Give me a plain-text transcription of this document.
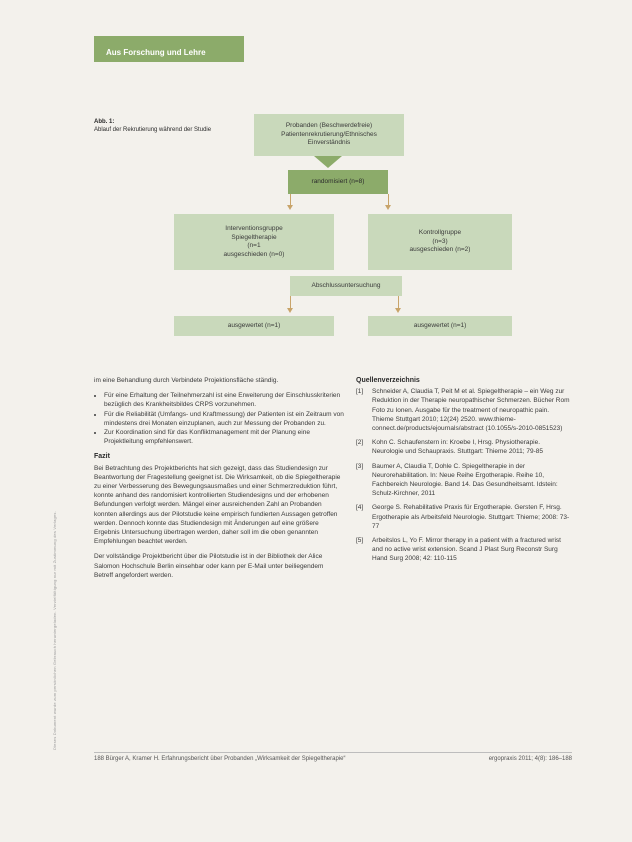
Aus Forschung und Lehre
Dieses Dokument wurde zum persönlichen Gebrauch heruntergeladen. Vervielfältigung nur mit Zustimmung des Verlages.
Abb. 1:
Ablauf der Rekrutierung während der Studie
Probanden (Beschwerdefreie)
Patientenrekrutierung/Ethnisches
Einverständnis
randomisiert (n=8)
Interventionsgruppe
Spiegeltherapie
(n=1
ausgeschieden (n=0)
Kontrollgruppe
(n=3)
ausgeschieden (n=2)
Abschlussuntersuchung
ausgewertet (n=1)	ausgewertet (n=1)

im eine Behandlung durch Verbindete Projektionsfläche ständig.

• Für eine Erhaltung der Teilnehmerzahl ist eine Erweiterung der Einschlusskriterien bezüglich des Krankheitsbildes CRPS vorzunehmen.
• Für die Reliabilität (Umfangs- und Kraftmessung) der Patienten ist ein Zeitraum von mindestens drei Monaten einzuplanen, auch zur Messung der Probanden zu.
• Zur Koordination sind für das Konfliktmanagement mit der Planung eine Projektleitung empfehlenswert.
Fazit

Bei Betrachtung des Projektberichts hat sich gezeigt, dass das Studiendesign zur Beantwortung der Fragestellung geeignet ist. Die Wirksamkeit, ob die Spiegeltherapie zu einer Verbesserung des Bewegungsausmaßes und einer Schmerzreduktion führt, konnte anhand des randomisiert kontrollierten Studiendesigns und der erhobenen Befundungen verfolgt werden. Mängel einer ausreichenden Zahl an Probanden konnten allerdings aus der Pilotstudie keine empirisch fundierten Aussagen getroffen werden. Dennoch konnte das Studiendesign mit Änderungen auf eine größere Ergebnis Untersuchung übertragen werden, daher soll im die oben genannten Empfehlungen beachtet werden.

Der vollständige Projektbericht über die Pilotstudie ist in der Bibliothek der Alice Salomon Hochschule Berlin einsehbar oder kann per E-Mail unter beiliegendem Betreff angefordert werden.

Quellenverzeichnis
[1]	Schneider A, Claudia T, Peit M et al. Spiegeltherapie – ein Weg zur Reduktion in der Therapie neuropathischer Schmerzen. Bücher Rom Foto zu Ionen. Ausgabe für the treatment of neuropathic pain. Thieme Stuttgart 2010; 12(24) 2520. www.thieme-connect.de/products/ejournals/abstract (10.1055/s-2010-0851523)
[2]	Kohn C. Schaufenstern in: Kroebe I, Hrsg. Physiotherapie. Neurologie und Schaupraxis. Stuttgart: Thieme 2011; 79-85
[3]	Baumer A, Claudia T, Dohle C. Spiegeltherapie in der Neurorehabilitation. In: Neue Reihe Ergotherapie. Reihe 10, Fachbereich Neurologie. Band 14. Das Gesundheitsamt. Idstein: Schulz-Kirchner, 2011
[4]	George S. Rehabilitative Praxis für Ergotherapie. Gersten F, Hrsg. Ergotherapie als Arbeitsfeld Neurologie. Stuttgart: Thieme; 2008: 73-77
[5]	Arbeitslos L, Yo F. Mirror therapy in a patient with a fractured wrist and no active wrist extension. Scand J Plast Surg Reconstr Surg Hand Surg 2008; 42: 110-115
188 Bürger A, Kramer H. Erfahrungsbericht über Probanden „Wirksamkeit der Spiegeltherapie“	ergopraxis 2011; 4(8): 186–188
